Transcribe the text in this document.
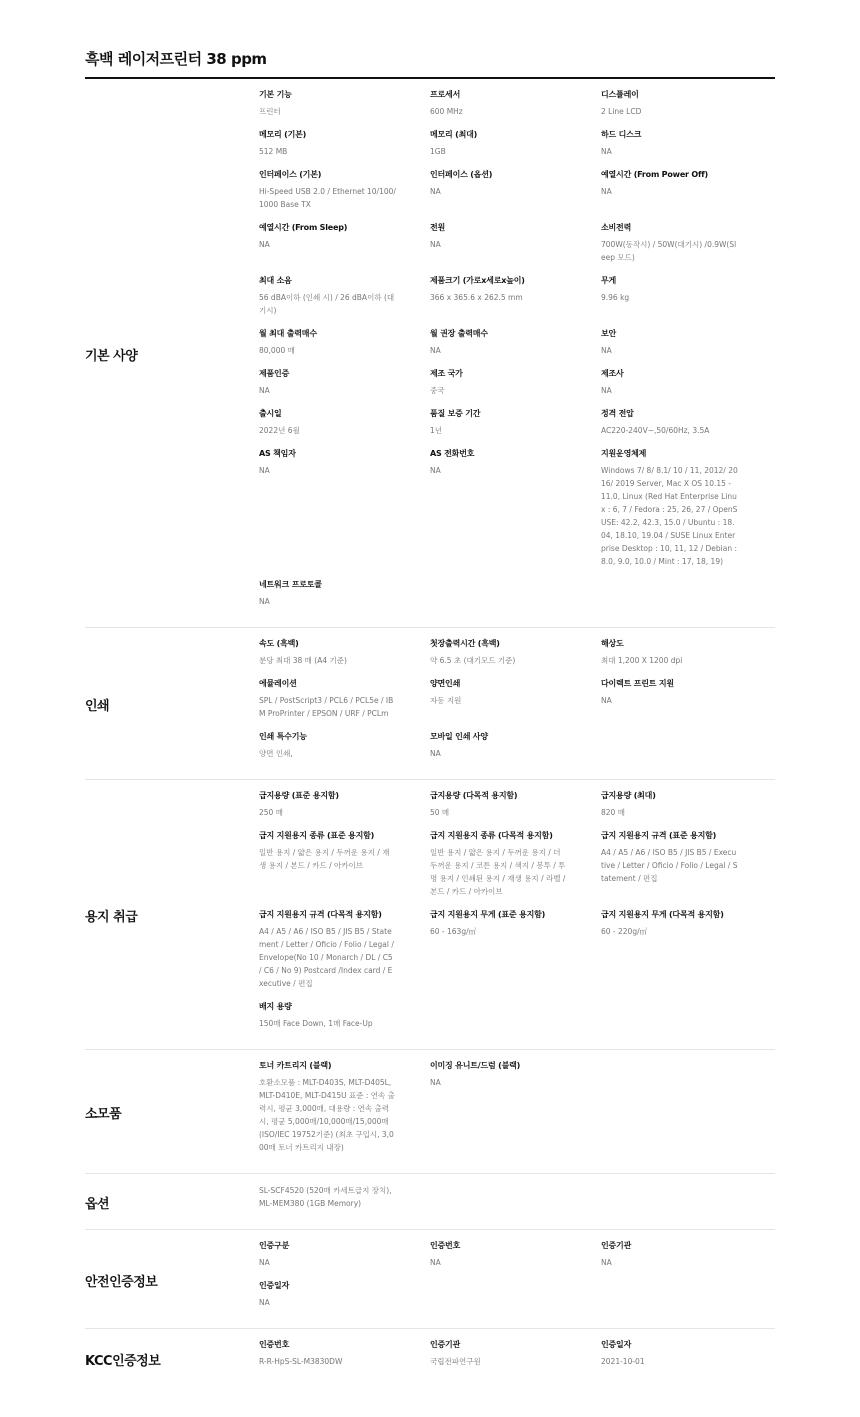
흑백 레이저프린터 38 ppm
기본 사양
기본 기능
프린터
프로세서
600 MHz
디스플레이
2 Line LCD
메모리 (기본)
512 MB
메모리 (최대)
1GB
하드 디스크
NA
인터페이스 (기본)
Hi-Speed USB 2.0 / Ethernet 10/100/1000 Base TX
인터페이스 (옵션)
NA
예열시간 (From Power Off)
NA
예열시간 (From Sleep)
NA
전원
NA
소비전력
700W(동작시) / 50W(대기시) /0.9W(Sleep 모드)
최대 소음
56 dBA이하 (인쇄 시) / 26 dBA이하 (대기시)
제품크기 (가로x세로x높이)
366 x 365.6 x 262.5 mm
무게
9.96 kg
월 최대 출력매수
80,000 매
월 권장 출력매수
NA
보안
NA
제품인증
NA
제조 국가
중국
제조사
NA
출시일
2022년 6월
품질 보증 기간
1년
정격 전압
AC220-240V~,50/60Hz, 3.5A
AS 책임자
NA
AS 전화번호
NA
지원운영체제
Windows 7/ 8/ 8.1/ 10 / 11, 2012/ 2016/ 2019 Server, Mac X OS 10.15 - 11.0, Linux (Red Hat Enterprise Linux : 6, 7 / Fedora : 25, 26, 27 / OpenSUSE: 42.2, 42.3, 15.0 / Ubuntu : 18.04, 18.10, 19.04 / SUSE Linux Enterprise Desktop : 10, 11, 12 / Debian : 8.0, 9.0, 10.0 / Mint : 17, 18, 19)
네트워크 프로토콜
NA
인쇄
속도 (흑백)
분당 최대 38 매 (A4 기준)
첫장출력시간 (흑백)
약 6.5 초 (대기모드 기준)
해상도
최대 1,200 X 1200 dpi
에뮬레이션
SPL / PostScript3 / PCL6 / PCL5e / IBM ProPrinter / EPSON / URF / PCLm
양면인쇄
자동 지원
다이렉트 프린트 지원
NA
인쇄 특수기능
양면 인쇄,
모바일 인쇄 사양
NA
용지 취급
급지용량 (표준 용지함)
250 매
급지용량 (다목적 용지함)
50 매
급지용량 (최대)
820 매
급지 지원용지 종류 (표준 용지함)
일반 용지 / 얇은 용지 / 두꺼운 용지 / 재생 용지 / 본드 / 카드 / 아카이브
급지 지원용지 종류 (다목적 용지함)
일반 용지 / 얇은 용지 / 두꺼운 용지 / 더 두꺼운 용지 / 코튼 용지 / 색지 / 봉투 / 투명 용지 / 인쇄된 용지 / 재생 용지 / 라벨 / 본드 / 카드 / 아카이브
급지 지원용지 규격 (표준 용지함)
A4 / A5 / A6 / ISO B5 / JIS B5 / Executive / Letter / Oficio / Folio / Legal / Statement / 편집
급지 지원용지 규격 (다목적 용지함)
A4 / A5 / A6 / ISO B5 / JIS B5 / Statement / Letter / Oficio / Folio / Legal / Envelope(No 10 / Monarch / DL / C5 / C6 / No 9) Postcard /Index card / Executive / 편집
급지 지원용지 무게 (표준 용지함)
60 - 163g/㎡
급지 지원용지 무게 (다목적 용지함)
60 - 220g/㎡
배지 용량
150매 Face Down, 1매 Face-Up
소모품
토너 카트리지 (블랙)
호환소모품 : MLT-D403S, MLT-D405L, MLT-D410E, MLT-D415U 표준 : 연속 출력시, 평균 3,000매, 대용량 : 연속 출력시, 평균 5,000매/10,000매/15,000매 (ISO/IEC 19752기준) (최초 구입시, 3,000매 토너 카트리지 내장)
이미징 유니트/드럼 (블랙)
NA
옵션
SL-SCF4520 (520매 카세트급지 장치), ML-MEM380 (1GB Memory)
안전인증정보
인증구분
NA
인증번호
NA
인증기관
NA
인증일자
NA
KCC인증정보
인증번호
R-R-HpS-SL-M3830DW
인증기관
국립전파연구원
인증일자
2021-10-01
